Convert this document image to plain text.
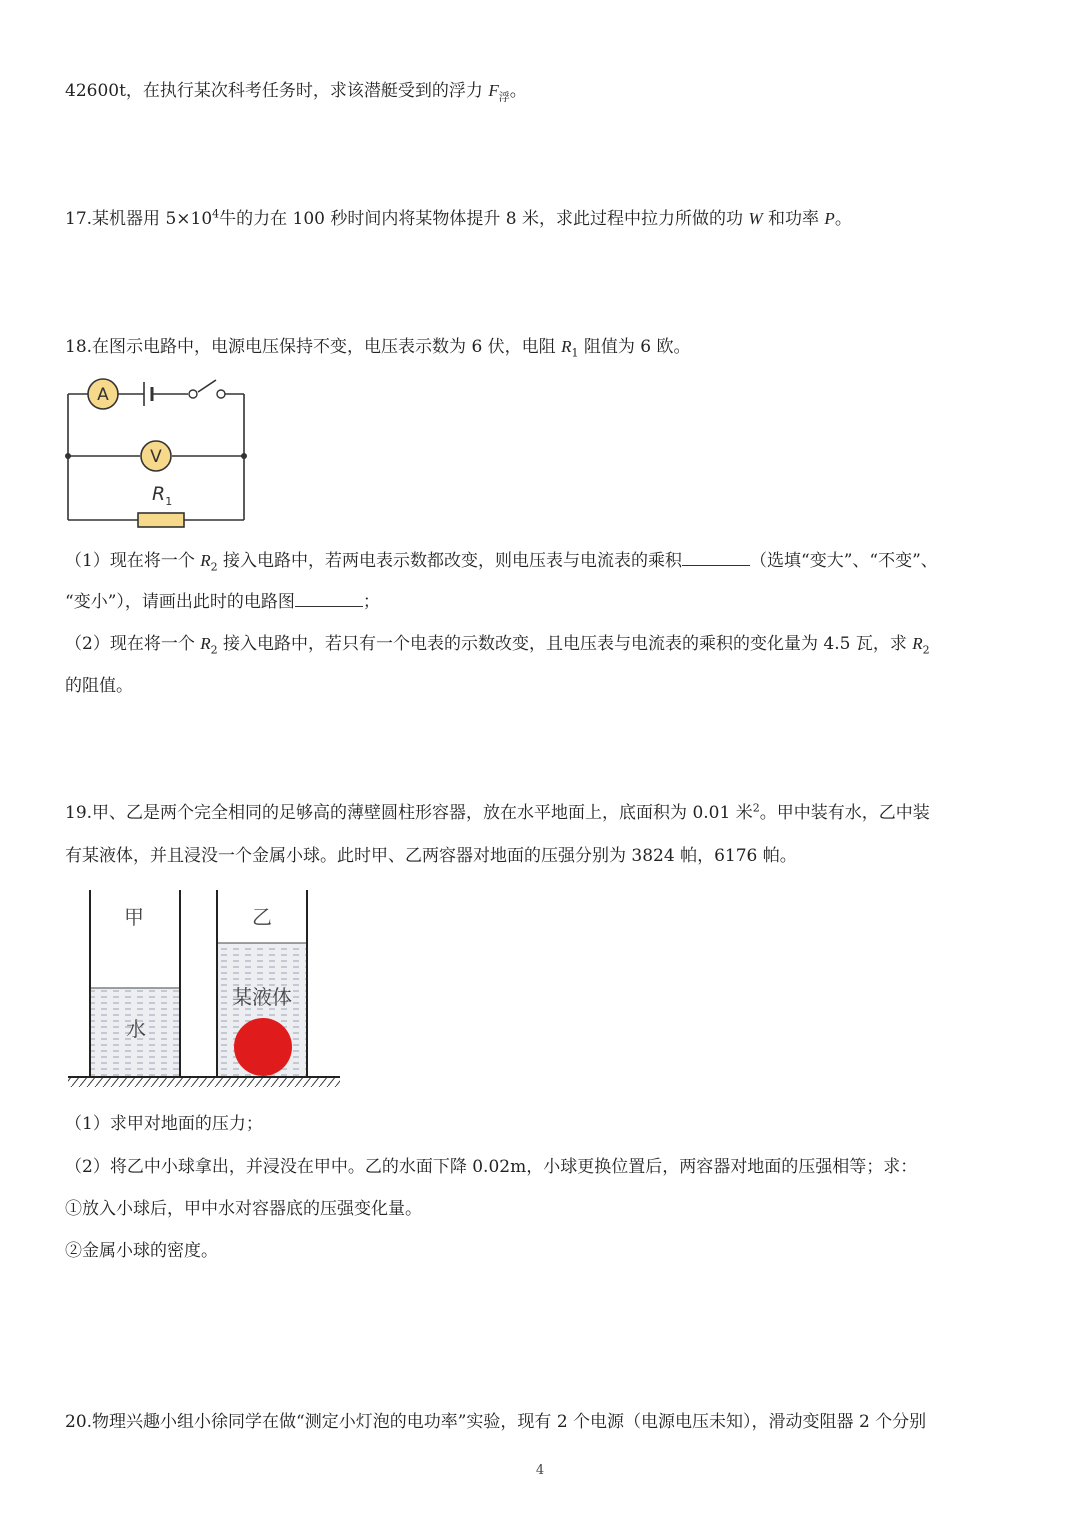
42600t，在执行某次科考任务时，求该潜艇受到的浮力 $F_浮$。
17.某机器用 $5\times 10^4$牛的力在 100 秒时间内将某物体提升 8 米，求此过程中拉力所做的功 W 和功率 P。
18.在图示电路中，电源电压保持不变，电压表示数为 6 伏，电阻 $R_1$ 阻值为 6 欧。
A
V
$R_1$
（1）现在将一个 $R_2$ 接入电路中，若两电表示数都改变，则电压表与电流表的乘积	（选填“变大”、“不变”、
“变小”），请画出此时的电路图	；
（2）现在将一个 $R_2$ 接入电路中，若只有一个电表的示数改变，且电压表与电流表的乘积的变化量为 4.5 瓦，求 $R_2$
的阻值。
19.甲、乙是两个完全相同的足够高的薄壁圆柱形容器，放在水平地面上，底面积为 0.01 米$^2$。甲中装有水，乙中装
有某液体，并且浸没一个金属小球。此时甲、乙两容器对地面的压强分别为 3824 帕，6176 帕。
甲	乙
水
某液体
（1）求甲对地面的压力；
（2）将乙中小球拿出，并浸没在甲中。乙的水面下降 0.02m，小球更换位置后，两容器对地面的压强相等；求：
①放入小球后，甲中水对容器底的压强变化量。
②金属小球的密度。
20.物理兴趣小组小徐同学在做“测定小灯泡的电功率”实验，现有 2 个电源（电源电压未知），滑动变阻器 2 个分别
4
